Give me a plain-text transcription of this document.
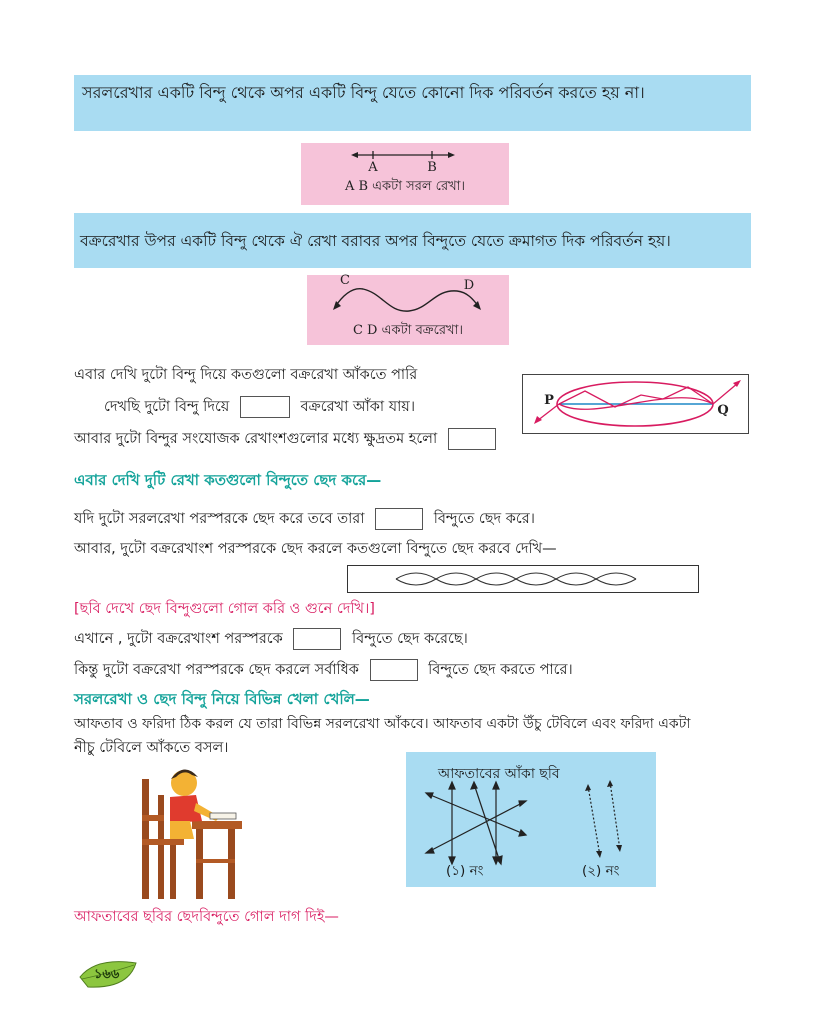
সরলরেখার একটি বিন্দু থেকে অপর একটি বিন্দু যেতে কোনো দিক পরিবর্তন করতে হয় না।
A	B
A B একটা সরল রেখা।
বক্ররেখার উপর একটি বিন্দু থেকে ঐ রেখা বরাবর অপর বিন্দুতে যেতে ক্রমাগত দিক পরিবর্তন হয়।
C	D
C D একটা বক্ররেখা।
এবার দেখি দুটো বিন্দু দিয়ে কতগুলো বক্ররেখা আঁকতে পারি
দেখছি দুটো বিন্দু দিয়ে	বক্ররেখা আঁকা যায়।
আবার দুটো বিন্দুর সংযোজক রেখাংশগুলোর মধ্যে ক্ষুদ্রতম হলো
P
Q
এবার দেখি দুটি রেখা কতগুলো বিন্দুতে ছেদ করে—
যদি দুটো সরলরেখা পরস্পরকে ছেদ করে তবে তারা	বিন্দুতে ছেদ করে।
আবার, দুটো বক্ররেখাংশ পরস্পরকে ছেদ করলে কতগুলো বিন্দুতে ছেদ করবে দেখি—
[ছবি দেখে ছেদ বিন্দুগুলো গোল করি ও গুনে দেখি।]
এখানে , দুটো বক্ররেখাংশ পরস্পরকে	বিন্দুতে ছেদ করেছে।
কিন্তু দুটো বক্ররেখা পরস্পরকে ছেদ করলে সর্বাধিক	বিন্দুতে ছেদ করতে পারে।
সরলরেখা ও ছেদ বিন্দু নিয়ে বিভিন্ন খেলা খেলি—
আফতাব ও ফরিদা ঠিক করল যে তারা বিভিন্ন সরলরেখা আঁকবে। আফতাব একটা উঁচু টেবিলে এবং ফরিদা একটা
নীচু টেবিলে আঁকতে বসল।
আফতাবের আঁকা ছবি
(১) নং	(২) নং
আফতাবের ছবির ছেদবিন্দুতে গোল দাগ দিই—
১৬৬
